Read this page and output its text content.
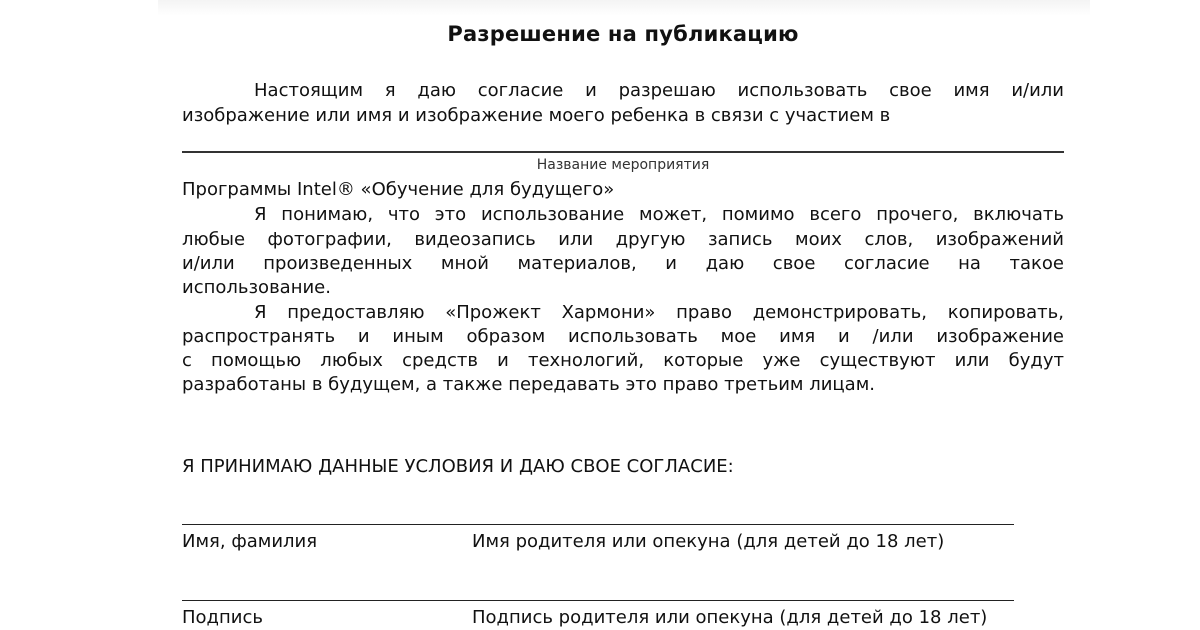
Разрешение на публикацию
Настоящим я даю согласие и разрешаю использовать свое имя и/или
изображение или имя и изображение моего ребенка в связи с участием в
Название мероприятия
Программы Intel® «Обучение для будущего»
Я понимаю, что это использование может, помимо всего прочего, включать
любые фотографии, видеозапись или другую запись моих слов, изображений
и/или произведенных мной материалов, и даю свое согласие на такое
использование.
Я предоставляю «Прожект Хармони» право демонстрировать, копировать,
распространять и иным образом использовать мое имя и /или изображение
с помощью любых средств и технологий, которые уже существуют или будут
разработаны в будущем, а также передавать это право третьим лицам.
Я ПРИНИМАЮ ДАННЫЕ УСЛОВИЯ И ДАЮ СВОЕ СОГЛАСИЕ:
Имя, фамилия	Имя родителя или опекуна (для детей до 18 лет)
Подпись	Подпись родителя или опекуна (для детей до 18 лет)
